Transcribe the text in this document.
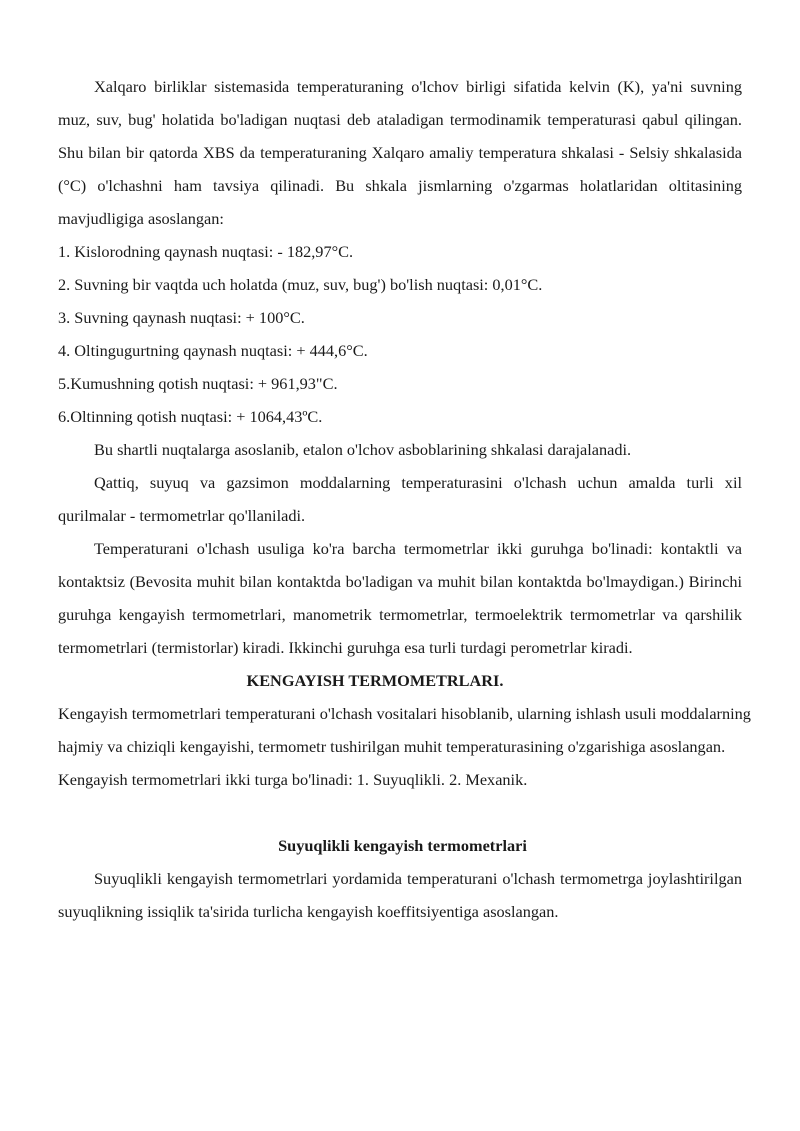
Xalqaro birliklar sistemasida temperaturaning o'lchov birligi sifatida kelvin (K), ya'ni suvning muz, suv, bug' holatida bo'ladigan nuqtasi deb ataladigan termodinamik temperaturasi qabul qilingan. Shu bilan bir qatorda XBS da temperaturaning Xalqaro amaliy temperatura shkalasi - Selsiy shkalasida (°C) o'lchashni ham tavsiya qilinadi. Bu shkala jismlarning o'zgarmas holatlaridan oltitasining mavjudligiga asoslangan:

1. Kislorodning qaynash nuqtasi: - 182,97°C.

2. Suvning bir vaqtda uch holatda (muz, suv, bug') bo'lish nuqtasi: 0,01°C.

3. Suvning qaynash nuqtasi: + 100°C.

4. Oltingugurtning qaynash nuqtasi: + 444,6°C.

5.Kumushning qotish nuqtasi: + 961,93"C.

6.Oltinning qotish nuqtasi: + 1064,43ºC.

Bu shartli nuqtalarga asoslanib, etalon o'lchov asboblarining shkalasi darajalanadi.

Qattiq, suyuq va gazsimon moddalarning temperaturasini o'lchash uchun amalda turli xil qurilmalar - termometrlar qo'llaniladi.

Temperaturani o'lchash usuliga ko'ra barcha termometrlar ikki guruhga bo'linadi: kontaktli va kontaktsiz (Bevosita muhit bilan kontaktda bo'ladigan va muhit bilan kontaktda bo'lmaydigan.) Birinchi guruhga kengayish termometrlari, manometrik termometrlar, termoelektrik termometrlar va qarshilik termometrlari (termistorlar) kiradi. Ikkinchi guruhga esa turli turdagi perometrlar kiradi.

KENGAYISH TERMOMETRLARI.

Kengayish termometrlari temperaturani o'lchash vositalari hisoblanib, ularning ishlash usuli moddalarning hajmiy va chiziqli kengayishi, termometr tushirilgan muhit temperaturasining o'zgarishiga asoslangan. Kengayish termometrlari ikki turga bo'linadi: 1. Suyuqlikli. 2. Mexanik.

Suyuqlikli kengayish termometrlari

Suyuqlikli kengayish termometrlari yordamida temperaturani o'lchash termometrga joylashtirilgan suyuqlikning issiqlik ta'sirida turlicha kengayish koeffitsiyentiga asoslangan.
